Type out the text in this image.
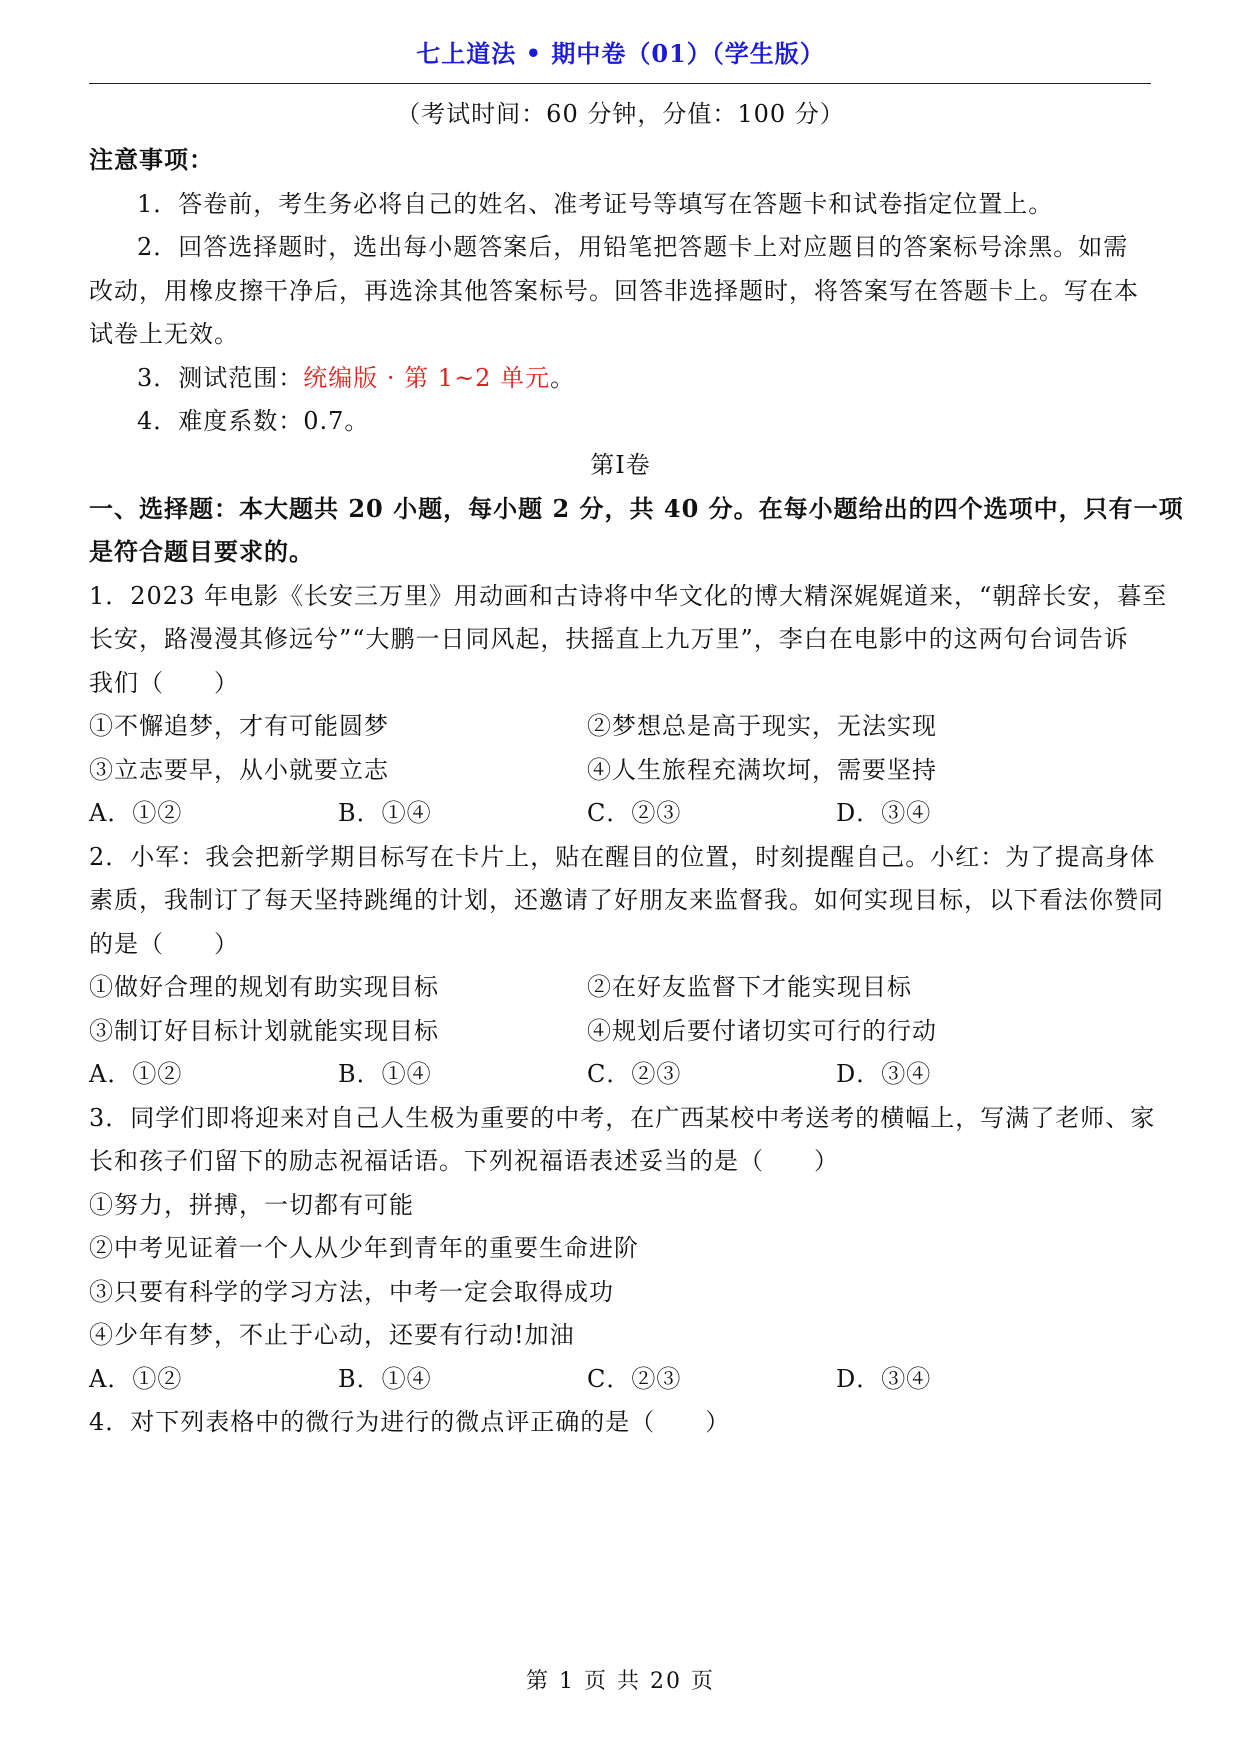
七上道法 • 期中卷（01）（学生版）
（考试时间：60 分钟，分值：100 分）
注意事项：
1．答卷前，考生务必将自己的姓名、准考证号等填写在答题卡和试卷指定位置上。
2．回答选择题时，选出每小题答案后，用铅笔把答题卡上对应题目的答案标号涂黑。如需
改动，用橡皮擦干净后，再选涂其他答案标号。回答非选择题时，将答案写在答题卡上。写在本
试卷上无效。
3．测试范围：统编版 · 第 1~2 单元。
4．难度系数：0.7。
第I卷
一、选择题：本大题共 20 小题，每小题 2 分，共 40 分。在每小题给出的四个选项中，只有一项
是符合题目要求的。
1．2023 年电影《长安三万里》用动画和古诗将中华文化的博大精深娓娓道来，“朝辞长安，暮至
长安，路漫漫其修远兮”“大鹏一日同风起，扶摇直上九万里”，李白在电影中的这两句台词告诉
我们（　　）
①不懈追梦，才有可能圆梦	②梦想总是高于现实，无法实现
③立志要早，从小就要立志	④人生旅程充满坎坷，需要坚持
A．①②	B．①④	C．②③	D．③④
2．小军：我会把新学期目标写在卡片上，贴在醒目的位置，时刻提醒自己。小红：为了提高身体
素质，我制订了每天坚持跳绳的计划，还邀请了好朋友来监督我。如何实现目标，以下看法你赞同
的是（　　）
①做好合理的规划有助实现目标	②在好友监督下才能实现目标
③制订好目标计划就能实现目标	④规划后要付诸切实可行的行动
A．①②	B．①④	C．②③	D．③④
3．同学们即将迎来对自己人生极为重要的中考，在广西某校中考送考的横幅上，写满了老师、家
长和孩子们留下的励志祝福话语。下列祝福语表述妥当的是（　　）
①努力，拼搏，一切都有可能
②中考见证着一个人从少年到青年的重要生命进阶
③只要有科学的学习方法，中考一定会取得成功
④少年有梦，不止于心动，还要有行动!加油
A．①②	B．①④	C．②③	D．③④
4．对下列表格中的微行为进行的微点评正确的是（　　）
第 1 页 共 20 页
